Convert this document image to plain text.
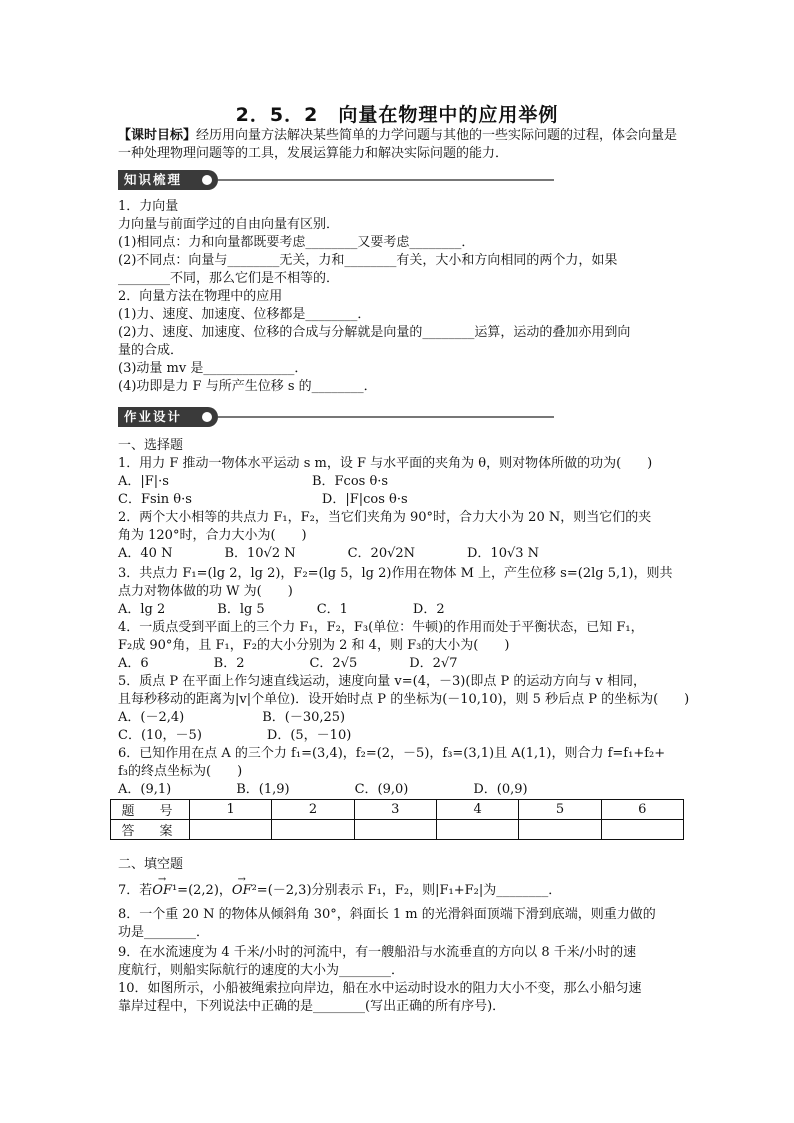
2．5．2　向量在物理中的应用举例
【课时目标】经历用向量方法解决某些简单的力学问题与其他的一些实际问题的过程，体会向量是一种处理物理问题等的工具，发展运算能力和解决实际问题的能力．
知识梳理
1．力向量
力向量与前面学过的自由向量有区别．
(1)相同点：力和向量都既要考虑________又要考虑________．
(2)不同点：向量与________无关，力和________有关，大小和方向相同的两个力，如果
________不同，那么它们是不相等的．
2．向量方法在物理中的应用
(1)力、速度、加速度、位移都是________．
(2)力、速度、加速度、位移的合成与分解就是向量的________运算，运动的叠加亦用到向
量的合成．
(3)动量 mv 是______________．
(4)功即是力 F 与所产生位移 s 的________．
作业设计
一、选择题
1．用力 F 推动一物体水平运动 s m，设 F 与水平面的夹角为 θ，则对物体所做的功为(　　)
A．|F|·s　　　　　　　　　　　B．Fcos θ·s
C．Fsin θ·s　　　　　　　　　　D．|F|cos θ·s
2．两个大小相等的共点力 F₁，F₂，当它们夹角为 90°时，合力大小为 20 N，则当它们的夹
角为 120°时，合力大小为(　　)
A．40 N　　　　B．10√2 N　　　　C．20√2N　　　　D．10√3 N
3．共点力 F₁=(lg 2，lg 2)，F₂=(lg 5，lg 2)作用在物体 M 上，产生位移 s=(2lg 5,1)，则共
点力对物体做的功 W 为(　　)
A．lg 2　　　　B．lg 5　　　　C．1　　　　　D．2
4．一质点受到平面上的三个力 F₁，F₂，F₃(单位：牛顿)的作用而处于平衡状态，已知 F₁，
F₂成 90°角，且 F₁，F₂的大小分别为 2 和 4，则 F₃的大小为(　　)
A．6　　　　　B．2　　　　　C．2√5　　　　D．2√7
5．质点 P 在平面上作匀速直线运动，速度向量 v=(4，－3)(即点 P 的运动方向与 v 相同，
且每秒移动的距离为|v|个单位)．设开始时点 P 的坐标为(－10,10)，则 5 秒后点 P 的坐标为(　　)
A．(－2,4)　　　　　　B．(－30,25)
C．(10，－5)　　　　　D．(5，－10)
6．已知作用在点 A 的三个力 f₁=(3,4)，f₂=(2，－5)，f₃=(3,1)且 A(1,1)，则合力 f=f₁+f₂+
f₃的终点坐标为(　　)
A．(9,1)　　　　　B．(1,9)　　　　　C．(9,0)　　　　　D．(0,9)
题　号	1	2	3	4	5	6
答　案						
二、填空题
7．若→ OF¹=(2,2)，→ OF²=(－2,3)分别表示 F₁，F₂，则|F₁+F₂|为________．
8．一个重 20 N 的物体从倾斜角 30°，斜面长 1 m 的光滑斜面顶端下滑到底端，则重力做的
功是________．
9．在水流速度为 4 千米/小时的河流中，有一艘船沿与水流垂直的方向以 8 千米/小时的速
度航行，则船实际航行的速度的大小为________．
10．如图所示，小船被绳索拉向岸边，船在水中运动时设水的阻力大小不变，那么小船匀速
靠岸过程中，下列说法中正确的是________(写出正确的所有序号)．
